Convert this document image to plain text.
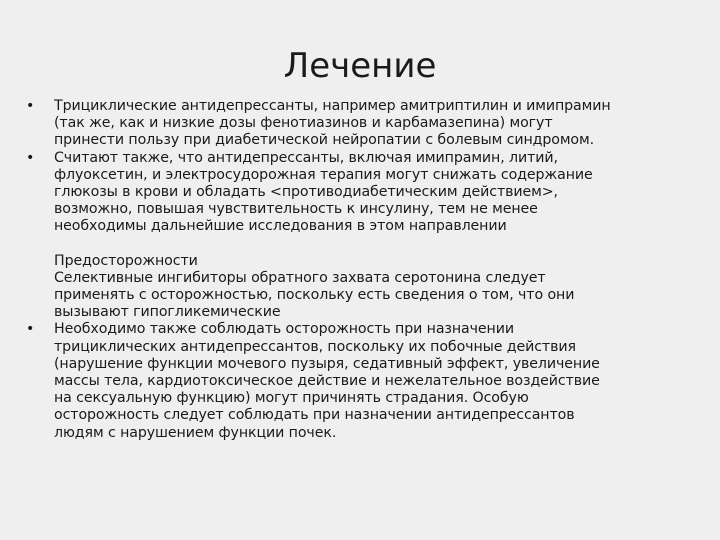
Лечение
• Трициклические антидепрессанты, например амитриптилин и имипрамин
(так же, как и низкие дозы фенотиазинов и карбамазепина) могут
принести пользу при диабетической нейропатии с болевым синдромом.
• Считают также, что антидепрессанты, включая имипрамин, литий,
флуоксетин, и электросудорожная терапия могут снижать содержание
глюкозы в крови и обладать <противодиабетическим действием>,
возможно, повышая чувствительность к инсулину, тем не менее
необходимы дальнейшие исследования в этом направлении
Предосторожности
Селективные ингибиторы обратного захвата серотонина следует
применять с осторожностью, поскольку есть сведения о том, что они
вызывают гипогликемические
• Необходимо также соблюдать осторожность при назначении
трициклических антидепрессантов, поскольку их побочные действия
(нарушение функции мочевого пузыря, седативный эффект, увеличение
массы тела, кардиотоксическое действие и нежелательное воздействие
на сексуальную функцию) могут причинять страдания. Особую
осторожность следует соблюдать при назначении антидепрессантов
людям с нарушением функции почек.
